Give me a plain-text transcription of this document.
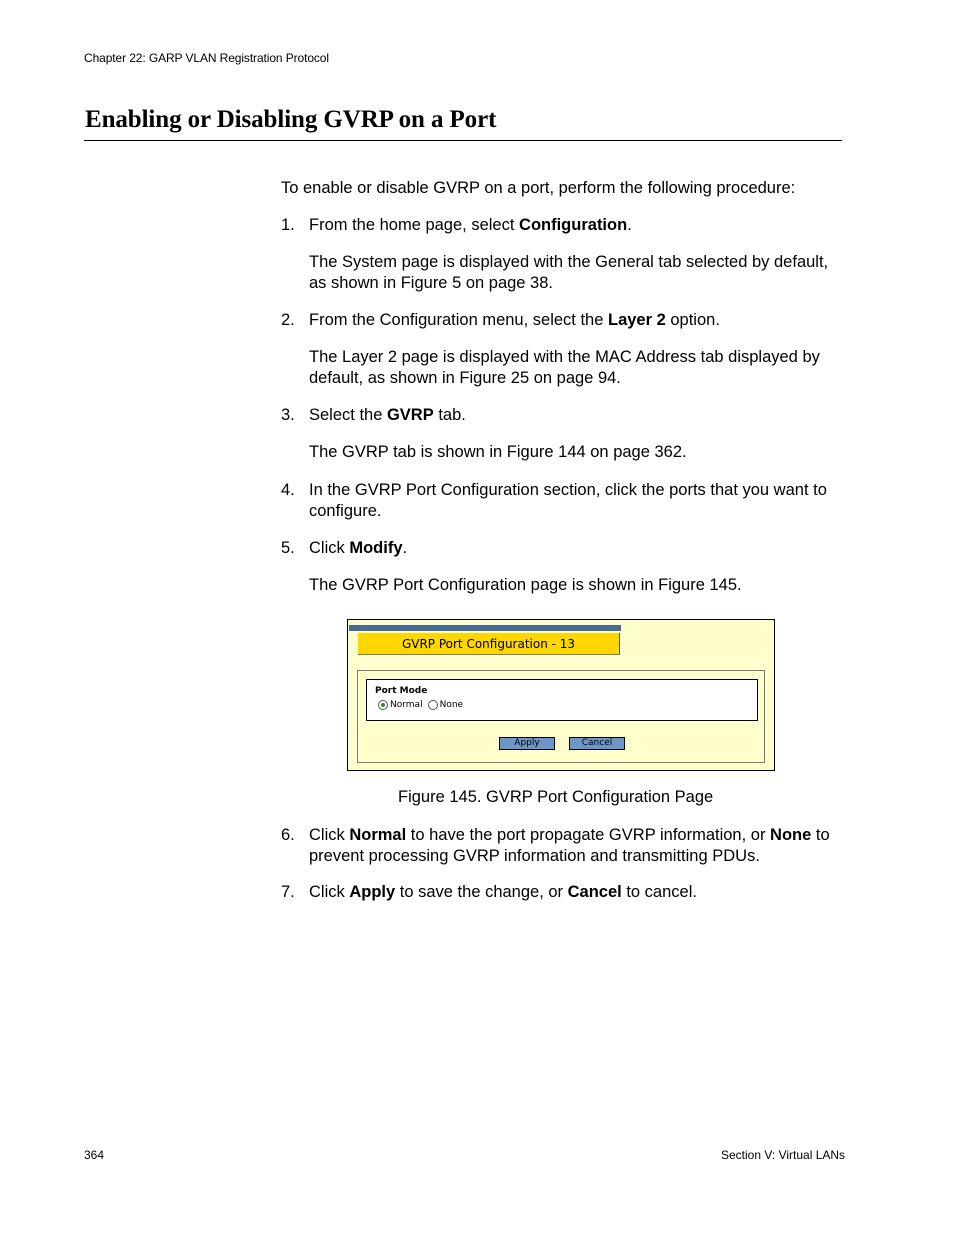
Chapter 22: GARP VLAN Registration Protocol
Enabling or Disabling GVRP on a Port
To enable or disable GVRP on a port, perform the following procedure:
1. From the home page, select Configuration.
The System page is displayed with the General tab selected by default, as shown in Figure 5 on page 38.
2. From the Configuration menu, select the Layer 2 option.
The Layer 2 page is displayed with the MAC Address tab displayed by default, as shown in Figure 25 on page 94.
3. Select the GVRP tab.
The GVRP tab is shown in Figure 144 on page 362.
4. In the GVRP Port Configuration section, click the ports that you want to configure.
5. Click Modify.
The GVRP Port Configuration page is shown in Figure 145.
GVRP Port Configuration - 13
Port Mode
Normal None
Apply	Cancel
Figure 145. GVRP Port Configuration Page
6. Click Normal to have the port propagate GVRP information, or None to prevent processing GVRP information and transmitting PDUs.
7. Click Apply to save the change, or Cancel to cancel.
364	Section V: Virtual LANs
